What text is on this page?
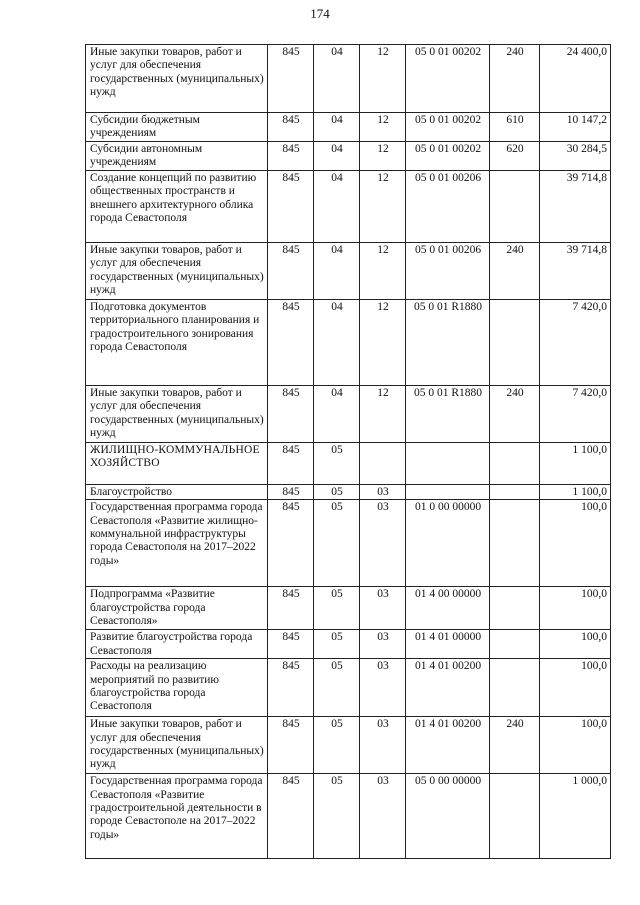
174
Иные закупки товаров, работ и услуг для обеспечения государственных (муниципальных) нужд	845	04	12	05 0 01 00202	240	24 400,0
Субсидии бюджетным учреждениям	845	04	12	05 0 01 00202	610	10 147,2
Субсидии автономным учреждениям	845	04	12	05 0 01 00202	620	30 284,5
Создание концепций по развитию общественных пространств и внешнего архитектурного облика города Севастополя	845	04	12	05 0 01 00206		39 714,8
Иные закупки товаров, работ и услуг для обеспечения государственных (муниципальных) нужд	845	04	12	05 0 01 00206	240	39 714,8
Подготовка документов территориального планирования и градостроительного зонирования города Севастополя	845	04	12	05 0 01 R1880		7 420,0
Иные закупки товаров, работ и услуг для обеспечения государственных (муниципальных) нужд	845	04	12	05 0 01 R1880	240	7 420,0
ЖИЛИЩНО-КОММУНАЛЬНОЕ ХОЗЯЙСТВО	845	05				1 100,0
Благоустройство	845	05	03			1 100,0
Государственная программа города Севастополя «Развитие жилищно-коммунальной инфраструктуры города Севастополя на 2017–2022 годы»	845	05	03	01 0 00 00000		100,0
Подпрограмма «Развитие благоустройства города Севастополя»	845	05	03	01 4 00 00000		100,0
Развитие благоустройства города Севастополя	845	05	03	01 4 01 00000		100,0
Расходы на реализацию мероприятий по развитию благоустройства города Севастополя	845	05	03	01 4 01 00200		100,0
Иные закупки товаров, работ и услуг для обеспечения государственных (муниципальных) нужд	845	05	03	01 4 01 00200	240	100,0
Государственная программа города Севастополя «Развитие градостроительной деятельности в городе Севастополе на 2017–2022 годы»	845	05	03	05 0 00 00000		1 000,0
